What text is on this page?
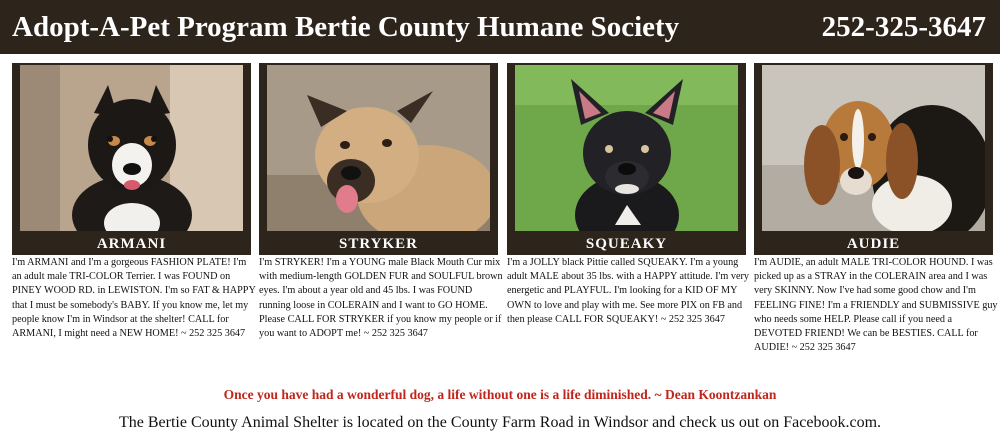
Adopt-A-Pet Program Bertie County Humane Society	252-325-3647
ARMANI
I'm ARMANI and I'm a gorgeous FASHION PLATE! I'm an adult male TRI-COLOR Terrier. I was FOUND on PINEY WOOD RD. in LEWISTON. I'm so FAT & HAPPY that I must be somebody's BABY. If you know me, let my people know I'm in Windsor at the shelter! CALL for ARMANI, I might need a NEW HOME! ~ 252 325 3647
STRYKER
I'm STRYKER! I'm a YOUNG male Black Mouth Cur mix with medium-length GOLDEN FUR and SOULFUL brown eyes. I'm about a year old and 45 lbs. I was FOUND running loose in COLERAIN and I want to GO HOME. Please CALL FOR STRYKER if you know my people or if you want to ADOPT me! ~ 252 325 3647
SQUEAKY
I'm a JOLLY black Pittie called SQUEAKY. I'm a young adult MALE about 35 lbs. with a HAPPY attitude. I'm very energetic and PLAYFUL. I'm looking for a KID OF MY OWN to love and play with me. See more PIX on FB and then please CALL FOR SQUEAKY! ~ 252 325 3647
AUDIE
I'm AUDIE, an adult MALE TRI-COLOR HOUND. I was picked up as a STRAY in the COLERAIN area and I was very SKINNY. Now I've had some good chow and I'm FEELING FINE! I'm a FRIENDLY and SUBMISSIVE guy who needs some HELP. Please call if you need a DEVOTED FRIEND! We can be BESTIES. CALL for AUDIE! ~ 252 325 3647
Once you have had a wonderful dog, a life without one is a life diminished. ~ Dean Koontzankan
The Bertie County Animal Shelter is located on the County Farm Road in Windsor and check us out on Facebook.com.
